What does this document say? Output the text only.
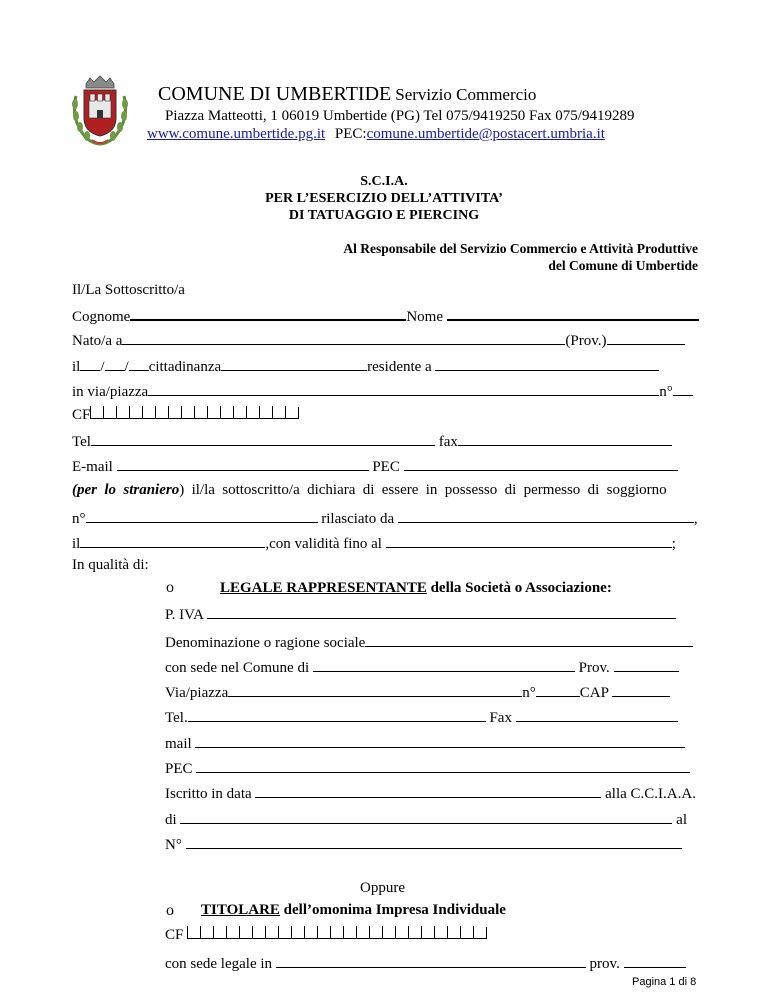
COMUNE DI UMBERTIDE Servizio Commercio
Piazza Matteotti, 1 06019 Umbertide (PG) Tel 075/9419250 Fax 075/9419289
www.comune.umbertide.pg.it PEC:comune.umbertide@postacert.umbria.it
S.C.I.A.
PER L’ESERCIZIO DELL’ATTIVITA’
DI TATUAGGIO E PIERCING
Al Responsabile del Servizio Commercio e Attività Produttive
del Comune di Umbertide
Il/La Sottoscritto/a
Cognome	Nome
Nato/a a	(Prov.)
il / / cittadinanza	residente a
in via/piazza	n°
CF
Tel	fax
E-mail	PEC
(per lo straniero) il/la sottoscritto/a dichiara di essere in possesso di permesso di soggiorno
n°	rilasciato da	,
il	,con validità fino al	;
In qualità di:
o	LEGALE RAPPRESENTANTE della Società o Associazione:
P. IVA
Denominazione o ragione sociale
con sede nel Comune di	Prov.
Via/piazza	n°	CAP
Tel.	Fax
mail
PEC
Iscritto in data	alla C.C.I.A.A.
di	al
N°
Oppure
o TITOLARE dell’omonima Impresa Individuale
CF
con sede legale in	prov.
Pagina 1 di 8
